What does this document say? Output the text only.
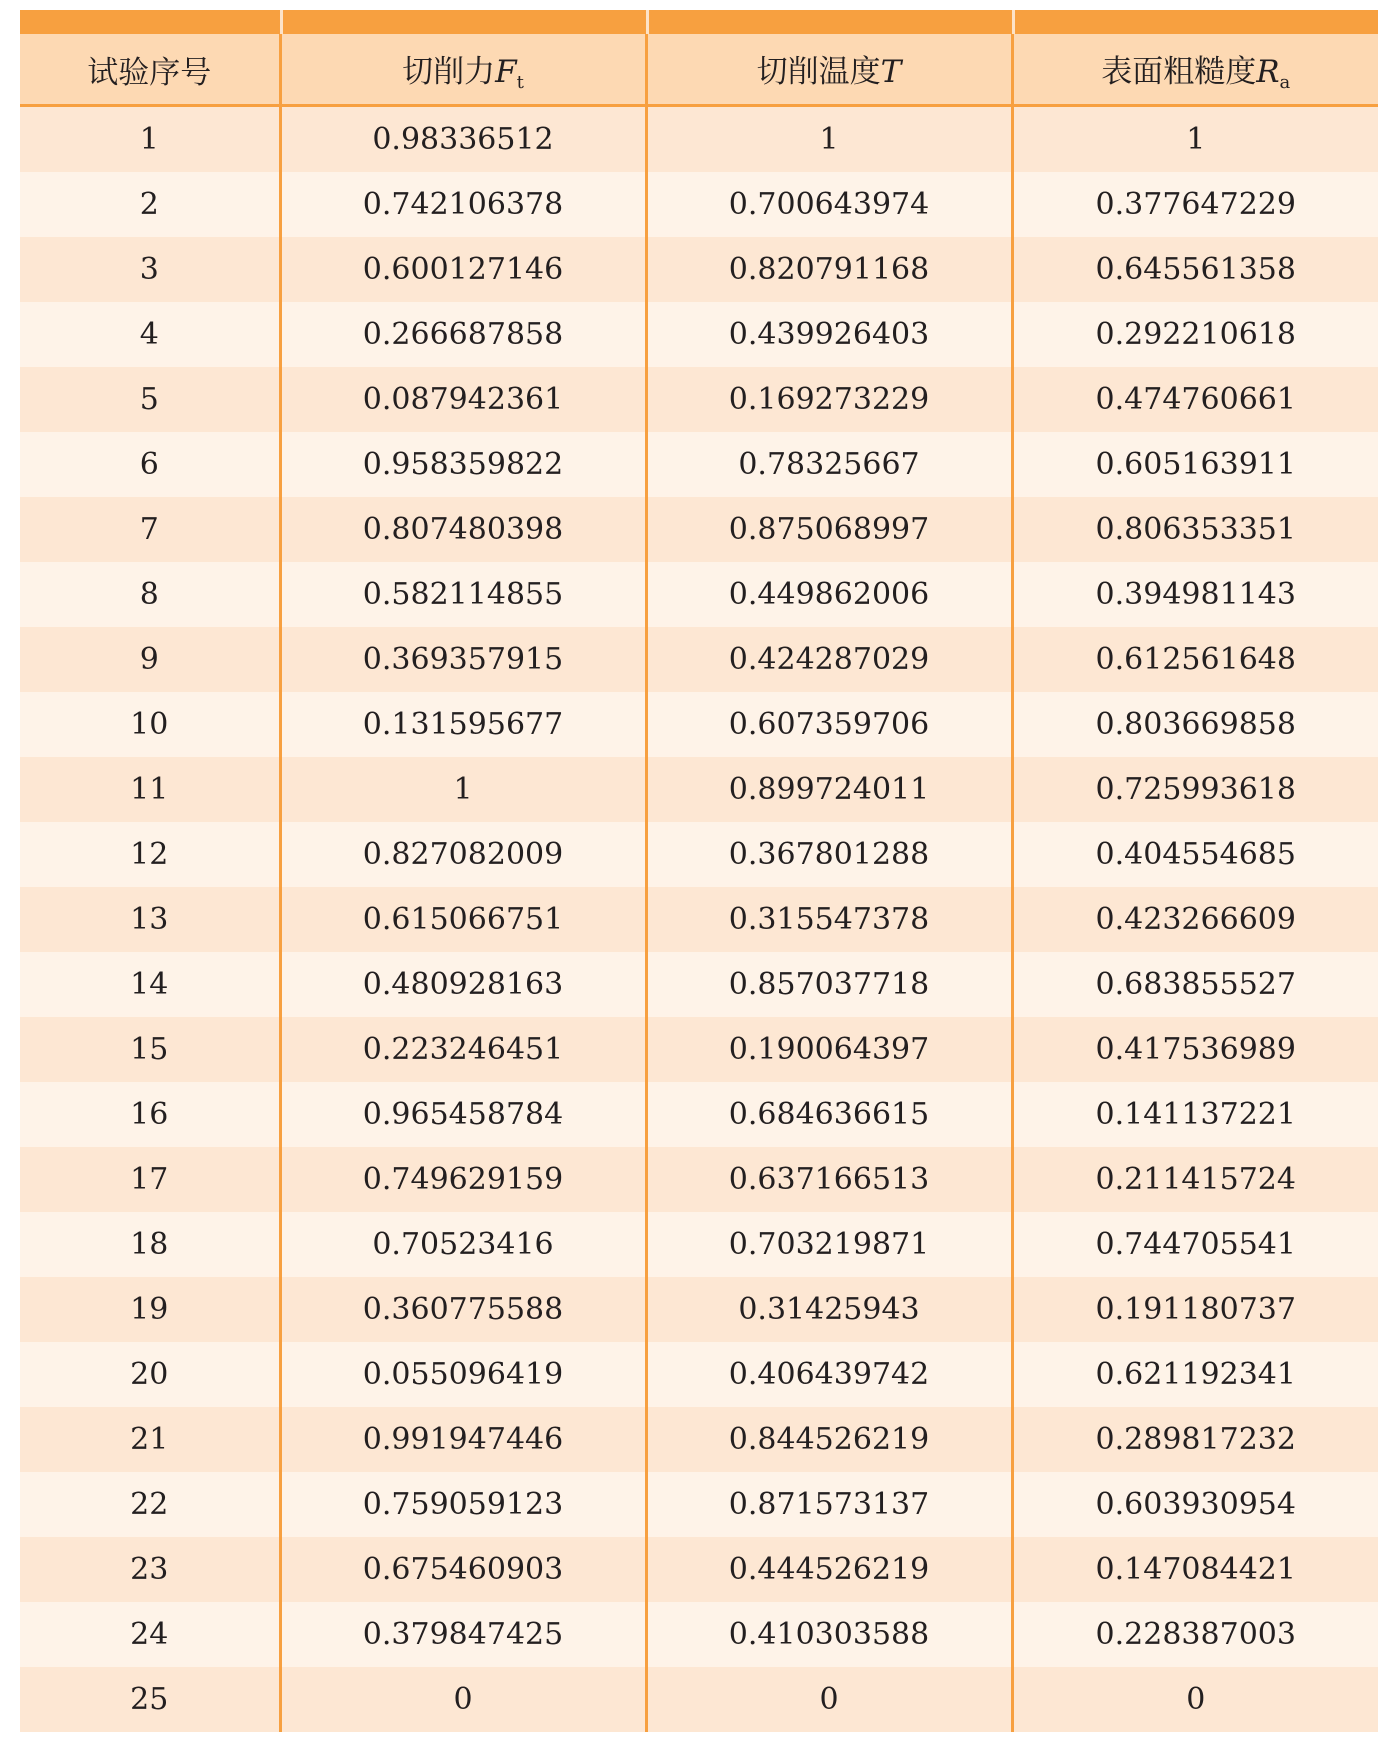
试验序号	切削力$F_t$	切削温度T	表面粗糙度$R_a$
1	0.98336512	1	1
2	0.742106378	0.700643974	0.377647229
3	0.600127146	0.820791168	0.645561358
4	0.266687858	0.439926403	0.292210618
5	0.087942361	0.169273229	0.474760661
6	0.958359822	0.78325667	0.605163911
7	0.807480398	0.875068997	0.806353351
8	0.582114855	0.449862006	0.394981143
9	0.369357915	0.424287029	0.612561648
10	0.131595677	0.607359706	0.803669858
11	1	0.899724011	0.725993618
12	0.827082009	0.367801288	0.404554685
13	0.615066751	0.315547378	0.423266609
14	0.480928163	0.857037718	0.683855527
15	0.223246451	0.190064397	0.417536989
16	0.965458784	0.684636615	0.141137221
17	0.749629159	0.637166513	0.211415724
18	0.70523416	0.703219871	0.744705541
19	0.360775588	0.31425943	0.191180737
20	0.055096419	0.406439742	0.621192341
21	0.991947446	0.844526219	0.289817232
22	0.759059123	0.871573137	0.603930954
23	0.675460903	0.444526219	0.147084421
24	0.379847425	0.410303588	0.228387003
25	0	0	0
